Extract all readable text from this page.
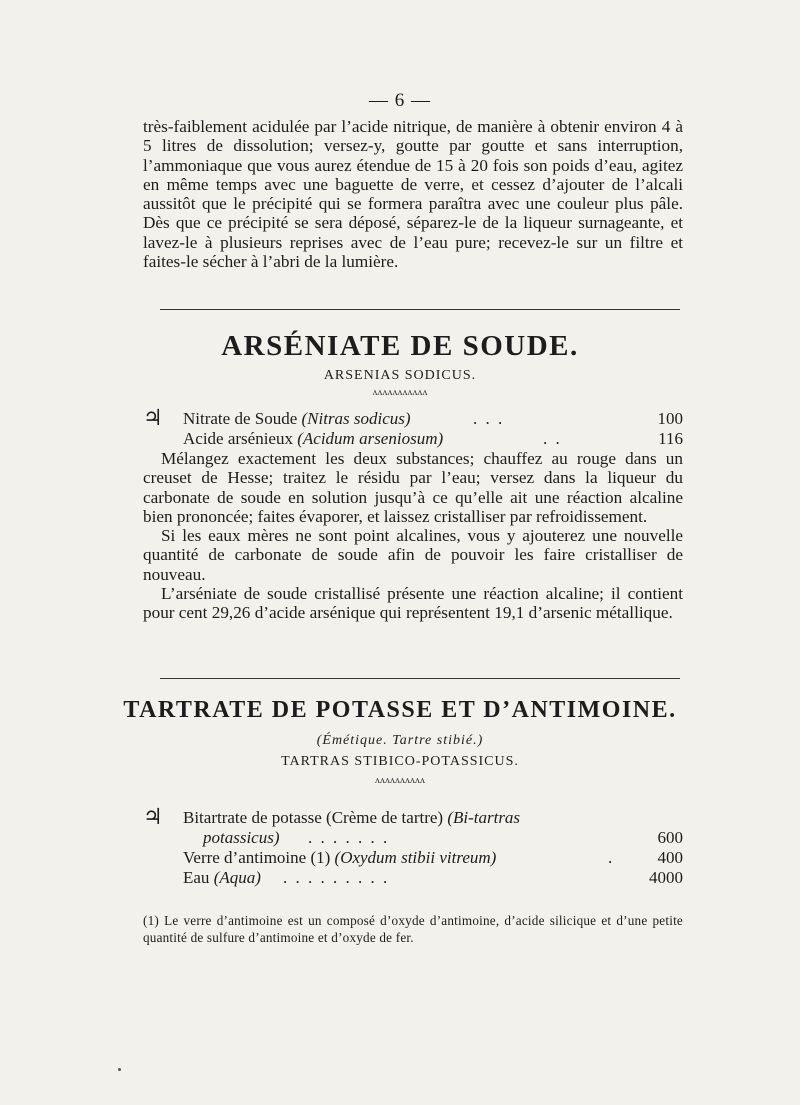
— 6 —

très-faiblement acidulée par l’acide nitrique, de manière à obtenir environ 4 à 5 litres de dissolution; versez-y, goutte par goutte et sans interruption, l’ammoniaque que vous aurez étendue de 15 à 20 fois son poids d’eau, agitez en même temps avec une baguette de verre, et cessez d’ajouter de l’alcali aussitôt que le précipité qui se formera paraîtra avec une couleur plus pâle. Dès que ce précipité se sera déposé, séparez-le de la liqueur surnageante, et lavez-le à plusieurs reprises avec de l’eau pure; recevez-le sur un filtre et faites-le sécher à l’abri de la lumière.

ARSÉNIATE DE SOUDE.
ARSENIAS SODICUS.
ʌʌʌʌʌʌʌʌʌʌʌ
♃ Nitrate de Soude (Nitras sodicus)	. . .	100
Acide arsénieux (Acidum arseniosum)	. .	116

Mélangez exactement les deux substances; chauffez au rouge dans un creuset de Hesse; traitez le résidu par l’eau; versez dans la liqueur du carbonate de soude en solution jusqu’à ce qu’elle ait une réaction alcaline bien prononcée; faites évaporer, et laissez cristalliser par refroidissement.

Si les eaux mères ne sont point alcalines, vous y ajouterez une nouvelle quantité de carbonate de soude afin de pouvoir les faire cristalliser de nouveau.

L’arséniate de soude cristallisé présente une réaction alcaline; il contient pour cent 29,26 d’acide arsénique qui représentent 19,1 d’arsenic métallique.

TARTRATE DE POTASSE ET D’ANTIMOINE.
(Émétique. Tartre stibié.)
TARTRAS STIBICO-POTASSICUS.
ʌʌʌʌʌʌʌʌʌʌ
♃ Bitartrate de potasse (Crème de tartre) (Bi-tartras
potassicus) . . . . . . .	600
Verre d’antimoine (1) (Oxydum stibii vitreum)	.	400
Eau (Aqua) . . . . . . . . .	4000
(1) Le verre d’antimoine est un composé d’oxyde d’antimoine, d’acide silicique et d’une petite quantité de sulfure d’antimoine et d’oxyde de fer.
